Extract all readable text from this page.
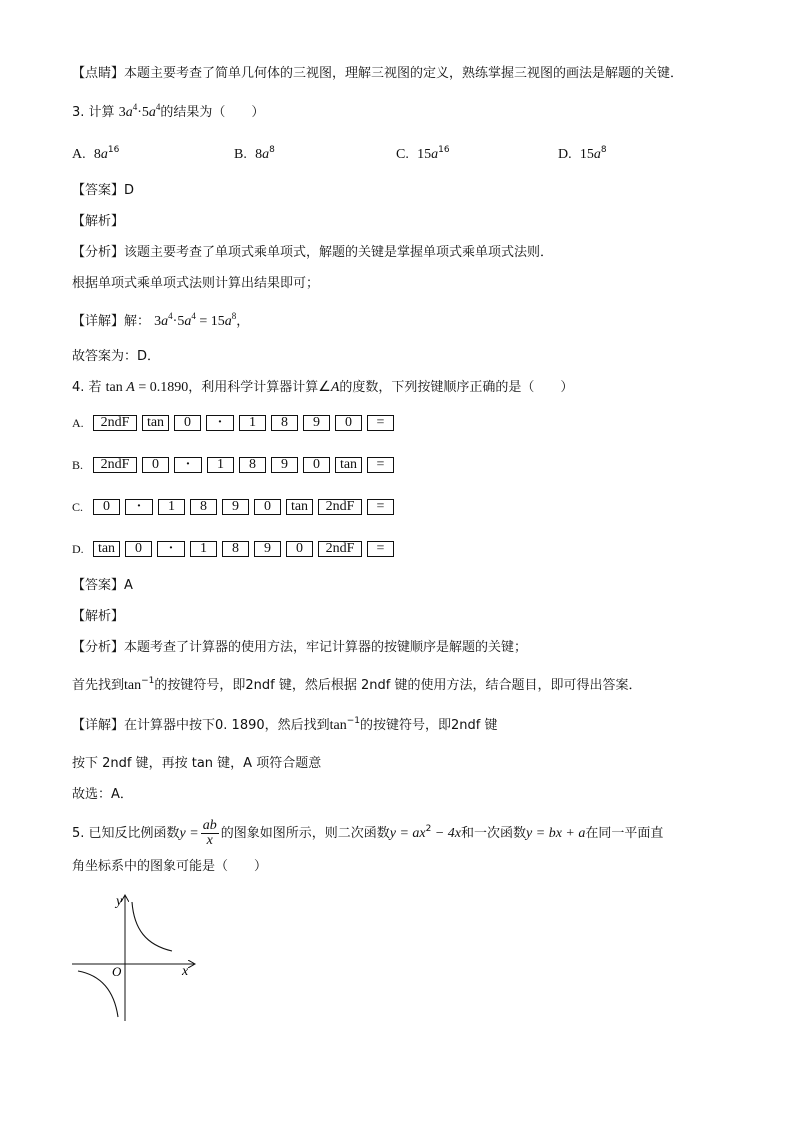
【点睛】本题主要考查了简单几何体的三视图，理解三视图的定义，熟练掌握三视图的画法是解题的关键．
3. 计算 $3a^4\cdot 5a^4$的结果为（　　）
A. $8a^{16}$	B. $8a^8$	C. $15a^{16}$	D. $15a^8$
【答案】D
【解析】
【分析】该题主要考查了单项式乘单项式，解题的关键是掌握单项式乘单项式法则．
根据单项式乘单项式法则计算出结果即可；
【详解】解： $3a^4\cdot 5a^4 = 15a^8$，
故答案为：D．
4. 若 tan A = 0.1890，利用科学计算器计算∠A的度数，下列按键顺序正确的是（　　）
A.	2ndF	tan	0	·	1	8	9	0	=
B.	2ndF	0	·	1	8	9	0	tan	=
C.	0	·	1	8	9	0	tan	2ndF	=
D.	tan	0	·	1	8	9	0	2ndF	=
【答案】A
【解析】
【分析】本题考查了计算器的使用方法，牢记计算器的按键顺序是解题的关键；
首先找到$\tan^{-1}$的按键符号，即2ndf 键，然后根据 2ndf 键的使用方法，结合题目，即可得出答案．
【详解】在计算器中按下0. 1890，然后找到$\tan^{-1}$的按键符号，即2ndf 键
按下 2ndf 键，再按 tan 键，A 项符合题意
故选：A．
5. 已知反比例函数$y = \frac{ab}{x}$ 的图象如图所示，则二次函数$y = ax^2 - 4x$和一次函数y = bx + a在同一平面直
角坐标系中的图象可能是（　　）
y
x
O
